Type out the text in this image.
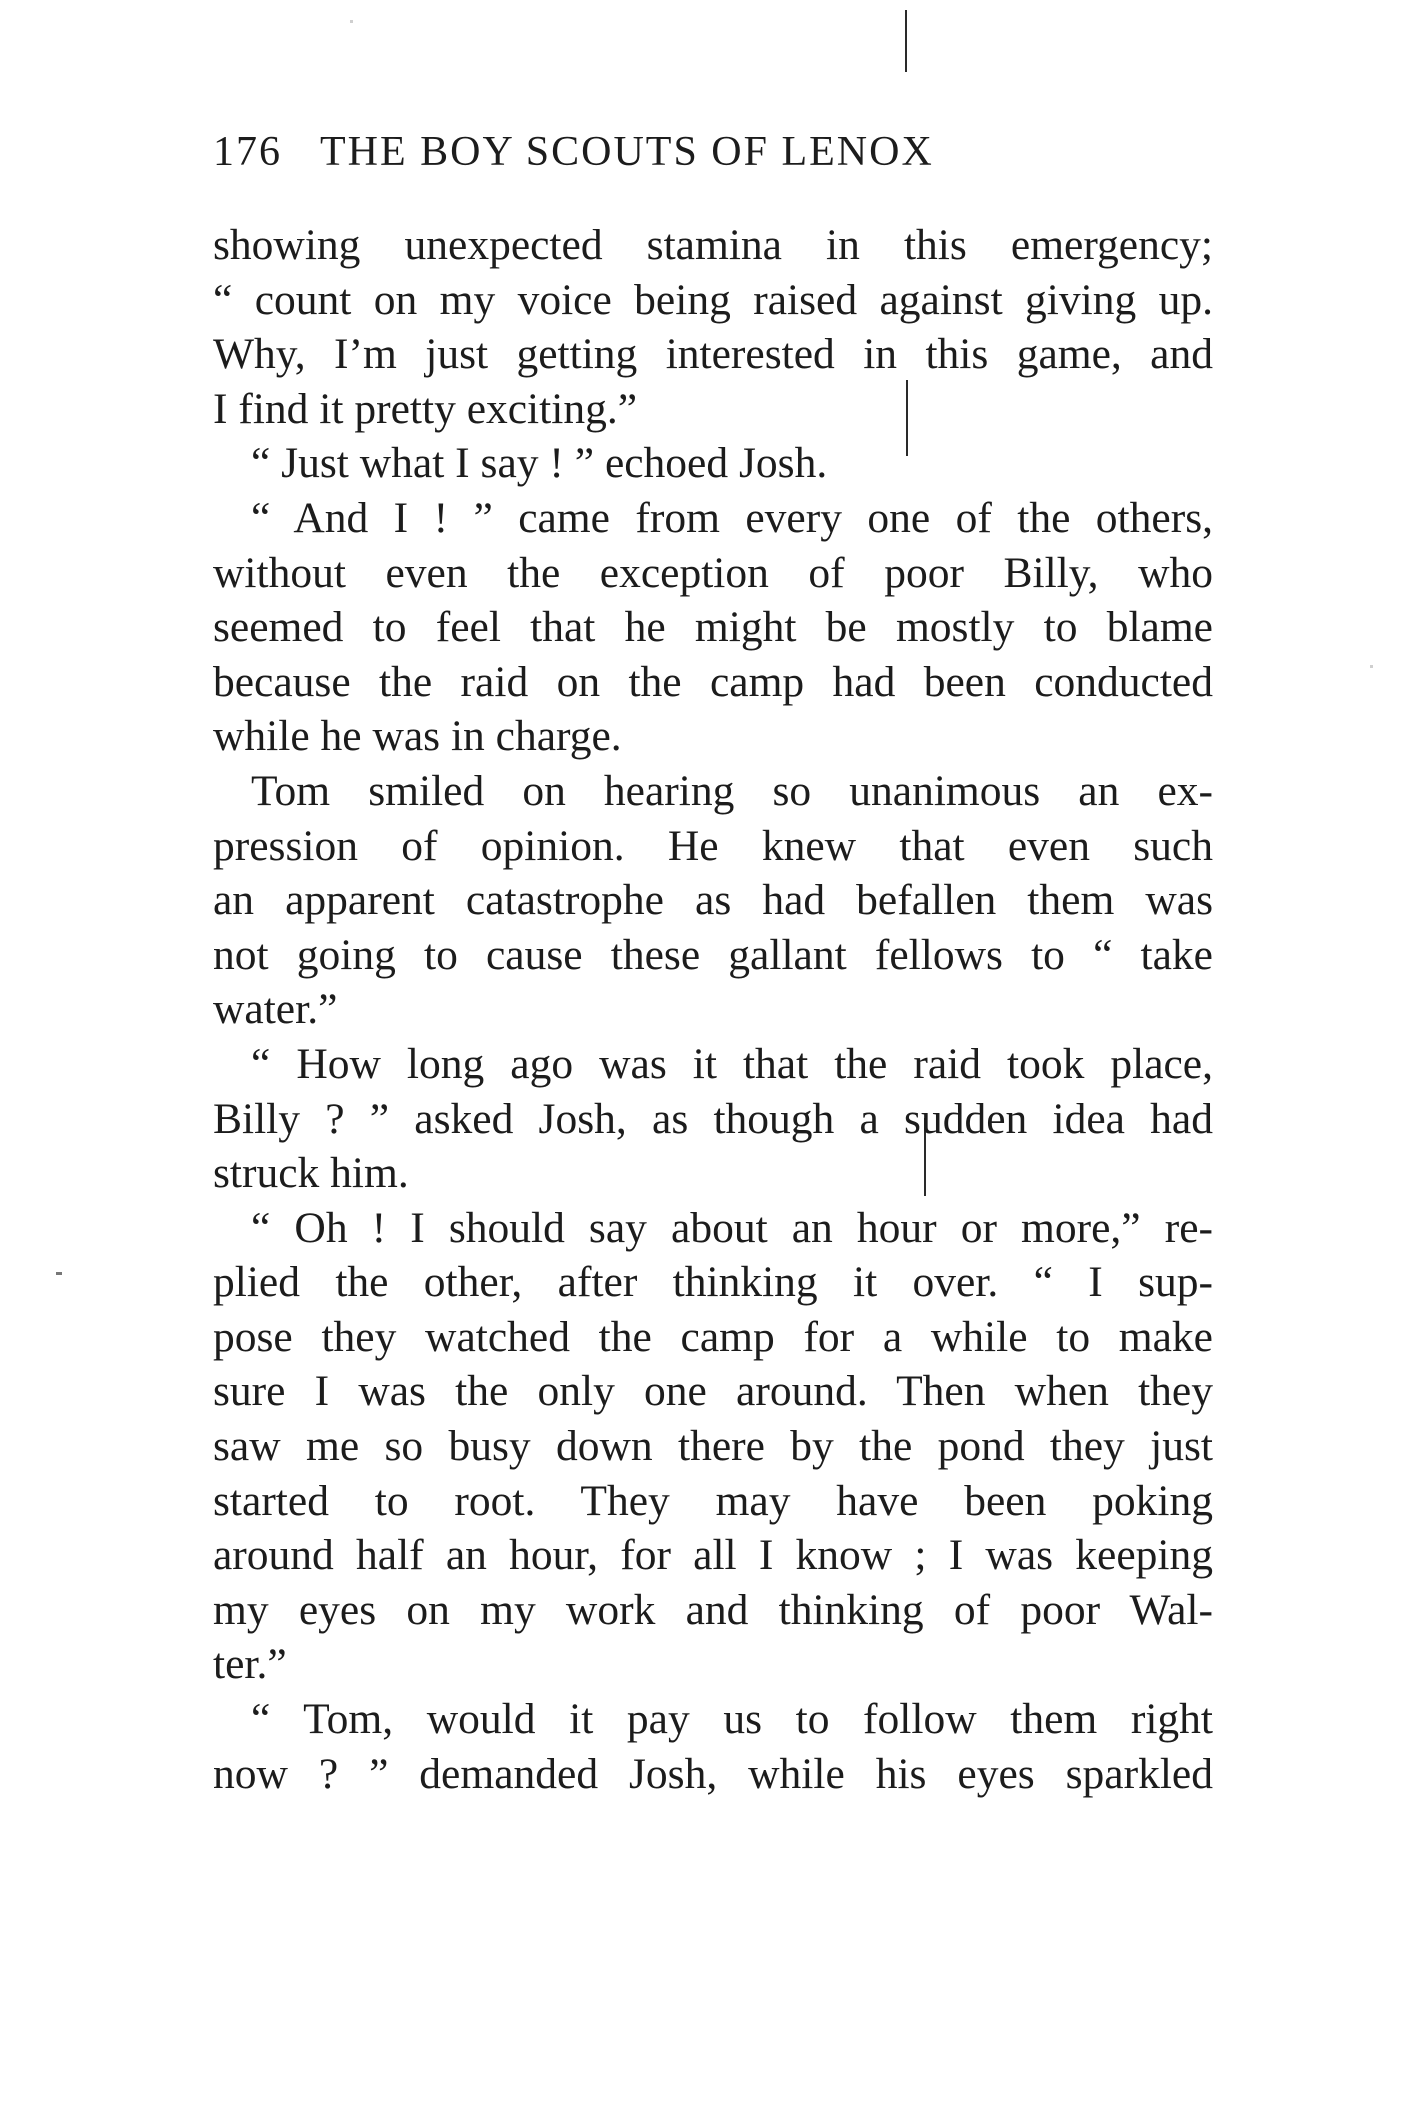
176 THE BOY SCOUTS OF LENOX
showing unexpected stamina in this emergency;
“ count on my voice being raised against giving up.
Why, I’m just getting interested in this game, and
I find it pretty exciting.”
“ Just what I say ! ” echoed Josh.
“ And I ! ” came from every one of the others,
without even the exception of poor Billy, who
seemed to feel that he might be mostly to blame
because the raid on the camp had been conducted
while he was in charge.
Tom smiled on hearing so unanimous an ex-
pression of opinion. He knew that even such
an apparent catastrophe as had befallen them was
not going to cause these gallant fellows to “ take
water.”
“ How long ago was it that the raid took place,
Billy ? ” asked Josh, as though a sudden idea had
struck him.
“ Oh ! I should say about an hour or more,” re-
plied the other, after thinking it over. “ I sup-
pose they watched the camp for a while to make
sure I was the only one around. Then when they
saw me so busy down there by the pond they just
started to root. They may have been poking
around half an hour, for all I know ; I was keeping
my eyes on my work and thinking of poor Wal-
ter.”
“ Tom, would it pay us to follow them right
now ? ” demanded Josh, while his eyes sparkled
